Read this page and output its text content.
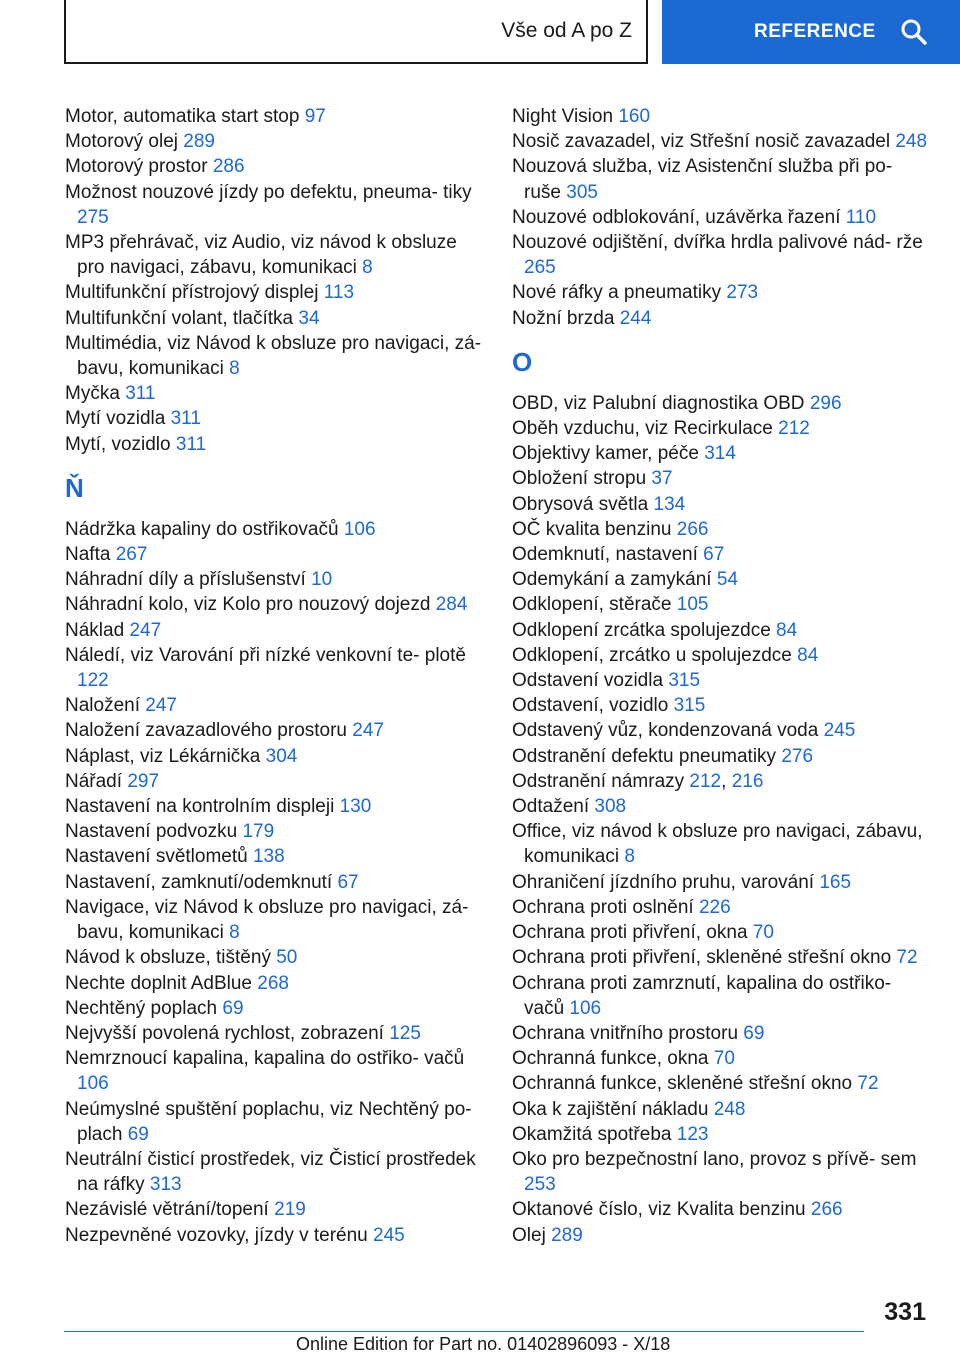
Vše od A po Z	REFERENCE
Motor, automatika start stop 97
Motorový olej 289
Motorový prostor 286
Možnost nouzové jízdy po defektu, pneuma‐ tiky 275
MP3 přehrávač, viz Audio, viz návod k obsluze pro navigaci, zábavu, komunikaci 8
Multifunkční přístrojový displej 113
Multifunkční volant, tlačítka 34
Multimédia, viz Návod k obsluze pro navigaci, zá‐ bavu, komunikaci 8
Myčka 311
Mytí vozidla 311
Mytí, vozidlo 311
Ň
Nádržka kapaliny do ostřikovačů 106
Nafta 267
Náhradní díly a příslušenství 10
Náhradní kolo, viz Kolo pro nouzový dojezd 284
Náklad 247
Náledí, viz Varování při nízké venkovní te‐ plotě 122
Naložení 247
Naložení zavazadlového prostoru 247
Náplast, viz Lékárnička 304
Nářadí 297
Nastavení na kontrolním displeji 130
Nastavení podvozku 179
Nastavení světlometů 138
Nastavení, zamknutí/odemknutí 67
Navigace, viz Návod k obsluze pro navigaci, zá‐ bavu, komunikaci 8
Návod k obsluze, tištěný 50
Nechte doplnit AdBlue 268
Nechtěný poplach 69
Nejvyšší povolená rychlost, zobrazení 125
Nemrznoucí kapalina, kapalina do ostřiko‐ vačů 106
Neúmyslné spuštění poplachu, viz Nechtěný po‐ plach 69
Neutrální čisticí prostředek, viz Čisticí prostředek na ráfky 313
Nezávislé větrání/topení 219
Nezpevněné vozovky, jízdy v terénu 245
Night Vision 160
Nosič zavazadel, viz Střešní nosič zavazadel 248
Nouzová služba, viz Asistenční služba při po‐ ruše 305
Nouzové odblokování, uzávěrka řazení 110
Nouzové odjištění, dvířka hrdla palivové nád‐ rže 265
Nové ráfky a pneumatiky 273
Nožní brzda 244
O
OBD, viz Palubní diagnostika OBD 296
Oběh vzduchu, viz Recirkulace 212
Objektivy kamer, péče 314
Obložení stropu 37
Obrysová světla 134
OČ kvalita benzinu 266
Odemknutí, nastavení 67
Odemykání a zamykání 54
Odklopení, stěrače 105
Odklopení zrcátka spolujezdce 84
Odklopení, zrcátko u spolujezdce 84
Odstavení vozidla 315
Odstavení, vozidlo 315
Odstavený vůz, kondenzovaná voda 245
Odstranění defektu pneumatiky 276
Odstranění námrazy 212, 216
Odtažení 308
Office, viz návod k obsluze pro navigaci, zábavu, komunikaci 8
Ohraničení jízdního pruhu, varování 165
Ochrana proti oslnění 226
Ochrana proti přivření, okna 70
Ochrana proti přivření, skleněné střešní okno 72
Ochrana proti zamrznutí, kapalina do ostřiko‐ vačů 106
Ochrana vnitřního prostoru 69
Ochranná funkce, okna 70
Ochranná funkce, skleněné střešní okno 72
Oka k zajištění nákladu 248
Okamžitá spotřeba 123
Oko pro bezpečnostní lano, provoz s přívě‐ sem 253
Oktanové číslo, viz Kvalita benzinu 266
Olej 289
331
Online Edition for Part no. 01402896093 - X/18
